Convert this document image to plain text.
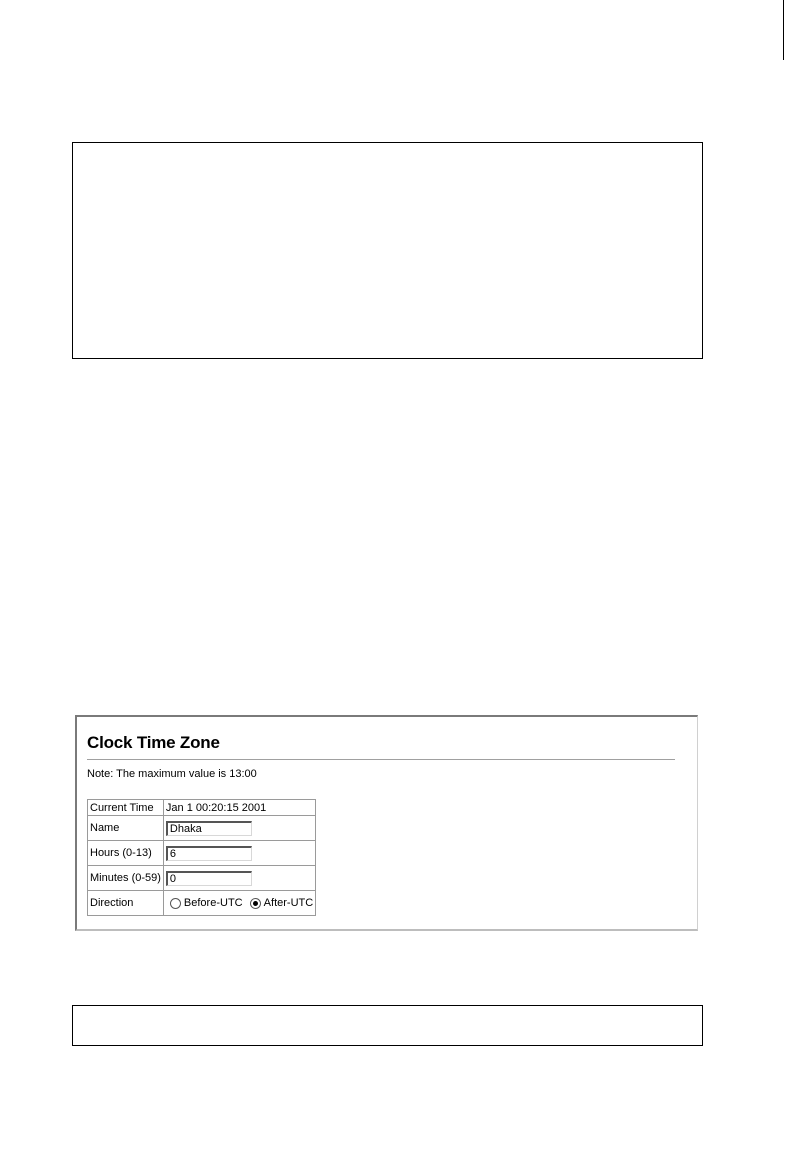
Clock Time Zone
Note: The maximum value is 13:00
Current Time	Jan 1 00:20:15 2001
Name	Dhaka
Hours (0-13)	6
Minutes (0-59)	0
Direction	Before-UTC After-UTC
